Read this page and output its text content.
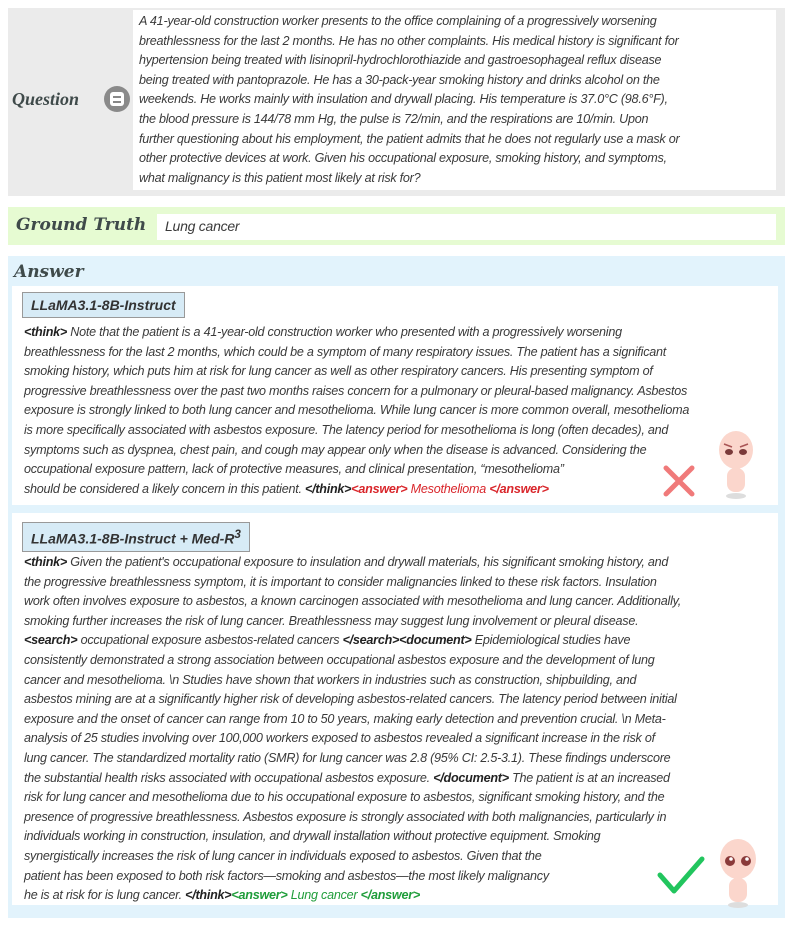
Question
A 41-year-old construction worker presents to the office complaining of a progressively worsening
breathlessness for the last 2 months. He has no other complaints. His medical history is significant for
hypertension being treated with lisinopril-hydrochlorothiazide and gastroesophageal reflux disease
being treated with pantoprazole. He has a 30-pack-year smoking history and drinks alcohol on the
weekends. He works mainly with insulation and drywall placing. His temperature is 37.0°C (98.6°F),
the blood pressure is 144/78 mm Hg, the pulse is 72/min, and the respirations are 10/min. Upon
further questioning about his employment, the patient admits that he does not regularly use a mask or
other protective devices at work. Given his occupational exposure, smoking history, and symptoms,
what malignancy is this patient most likely at risk for?
Ground Truth Lung cancer
Answer
LLaMA3.1-8B-Instruct
<think> Note that the patient is a 41-year-old construction worker who presented with a progressively worsening
breathlessness for the last 2 months, which could be a symptom of many respiratory issues. The patient has a significant
smoking history, which puts him at risk for lung cancer as well as other respiratory cancers. His presenting symptom of
progressive breathlessness over the past two months raises concern for a pulmonary or pleural-based malignancy. Asbestos
exposure is strongly linked to both lung cancer and mesothelioma. While lung cancer is more common overall, mesothelioma
is more specifically associated with asbestos exposure. The latency period for mesothelioma is long (often decades), and
symptoms such as dyspnea, chest pain, and cough may appear only when the disease is advanced. Considering the
occupational exposure pattern, lack of protective measures, and clinical presentation, “mesothelioma”
should be considered a likely concern in this patient. </think><answer> Mesothelioma </answer>
LLaMA3.1-8B-Instruct + Med-$R^3$
<think> Given the patient's occupational exposure to insulation and drywall materials, his significant smoking history, and
the progressive breathlessness symptom, it is important to consider malignancies linked to these risk factors. Insulation
work often involves exposure to asbestos, a known carcinogen associated with mesothelioma and lung cancer. Additionally,
smoking further increases the risk of lung cancer. Breathlessness may suggest lung involvement or pleural disease.
<search> occupational exposure asbestos-related cancers </search><document> Epidemiological studies have
consistently demonstrated a strong association between occupational asbestos exposure and the development of lung
cancer and mesothelioma. \n Studies have shown that workers in industries such as construction, shipbuilding, and
asbestos mining are at a significantly higher risk of developing asbestos-related cancers. The latency period between initial
exposure and the onset of cancer can range from 10 to 50 years, making early detection and prevention crucial. \n Meta-
analysis of 25 studies involving over 100,000 workers exposed to asbestos revealed a significant increase in the risk of
lung cancer. The standardized mortality ratio (SMR) for lung cancer was 2.8 (95% CI: 2.5-3.1). These findings underscore
the substantial health risks associated with occupational asbestos exposure. </document> The patient is at an increased
risk for lung cancer and mesothelioma due to his occupational exposure to asbestos, significant smoking history, and the
presence of progressive breathlessness. Asbestos exposure is strongly associated with both malignancies, particularly in
individuals working in construction, insulation, and drywall installation without protective equipment. Smoking
synergistically increases the risk of lung cancer in individuals exposed to asbestos. Given that the
patient has been exposed to both risk factors—smoking and asbestos—the most likely malignancy
he is at risk for is lung cancer. </think><answer> Lung cancer </answer>
